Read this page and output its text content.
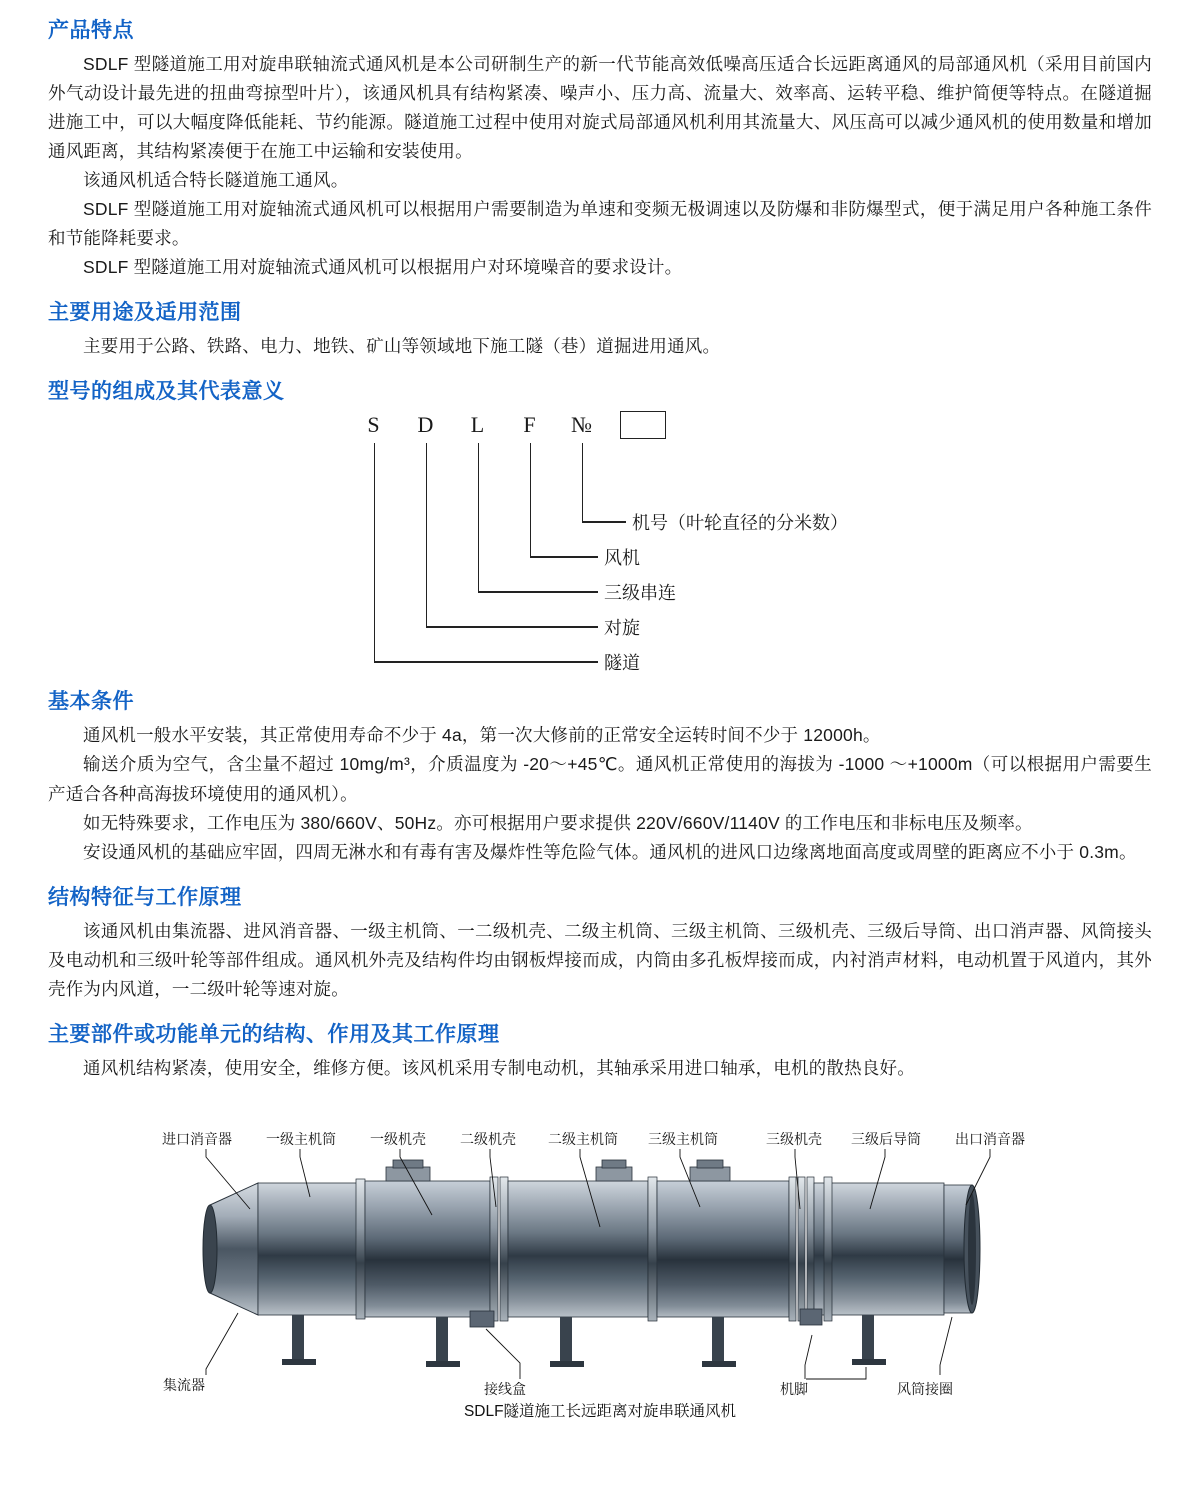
产品特点

SDLF 型隧道施工用对旋串联轴流式通风机是本公司研制生产的新一代节能高效低噪高压适合长远距离通风的局部通风机（采用目前国内外气动设计最先进的扭曲弯掠型叶片），该通风机具有结构紧凑、噪声小、压力高、流量大、效率高、运转平稳、维护简便等特点。在隧道掘进施工中，可以大幅度降低能耗、节约能源。隧道施工过程中使用对旋式局部通风机利用其流量大、风压高可以减少通风机的使用数量和增加通风距离，其结构紧凑便于在施工中运输和安装使用。

该通风机适合特长隧道施工通风。

SDLF 型隧道施工用对旋轴流式通风机可以根据用户需要制造为单速和变频无极调速以及防爆和非防爆型式，便于满足用户各种施工条件和节能降耗要求。

SDLF 型隧道施工用对旋轴流式通风机可以根据用户对环境噪音的要求设计。

主要用途及适用范围

主要用于公路、铁路、电力、地铁、矿山等领域地下施工隧（巷）道掘进用通风。

型号的组成及其代表意义
S	D	L	F	№
机号（叶轮直径的分米数）
风机
三级串连
对旋
隧道
基本条件

通风机一般水平安装，其正常使用寿命不少于 4a，第一次大修前的正常安全运转时间不少于 12000h。

输送介质为空气，含尘量不超过 10mg/m³，介质温度为 -20～+45℃。通风机正常使用的海拔为 -1000 ～+1000m（可以根据用户需要生产适合各种高海拔环境使用的通风机）。

如无特殊要求，工作电压为 380/660V、50Hz。亦可根据用户要求提供 220V/660V/1140V 的工作电压和非标电压及频率。

安设通风机的基础应牢固，四周无淋水和有毒有害及爆炸性等危险气体。通风机的进风口边缘离地面高度或周壁的距离应不小于 0.3m。

结构特征与工作原理

该通风机由集流器、进风消音器、一级主机筒、一二级机壳、二级主机筒、三级主机筒、三级机壳、三级后导筒、出口消声器、风筒接头及电动机和三级叶轮等部件组成。通风机外壳及结构件均由钢板焊接而成，内筒由多孔板焊接而成，内衬消声材料，电动机置于风道内，其外壳作为内风道，一二级叶轮等速对旋。

主要部件或功能单元的结构、作用及其工作原理

通风机结构紧凑，使用安全，维修方便。该风机采用专制电动机，其轴承采用进口轴承，电机的散热良好。

进口消音器 一级主机筒 一级机壳 二级机壳 二级主机筒 三级主机筒	三级机壳 三级后导筒 出口消音器
集流器	接线盒	机脚	风筒接圈
SDLF隧道施工长远距离对旋串联通风机
